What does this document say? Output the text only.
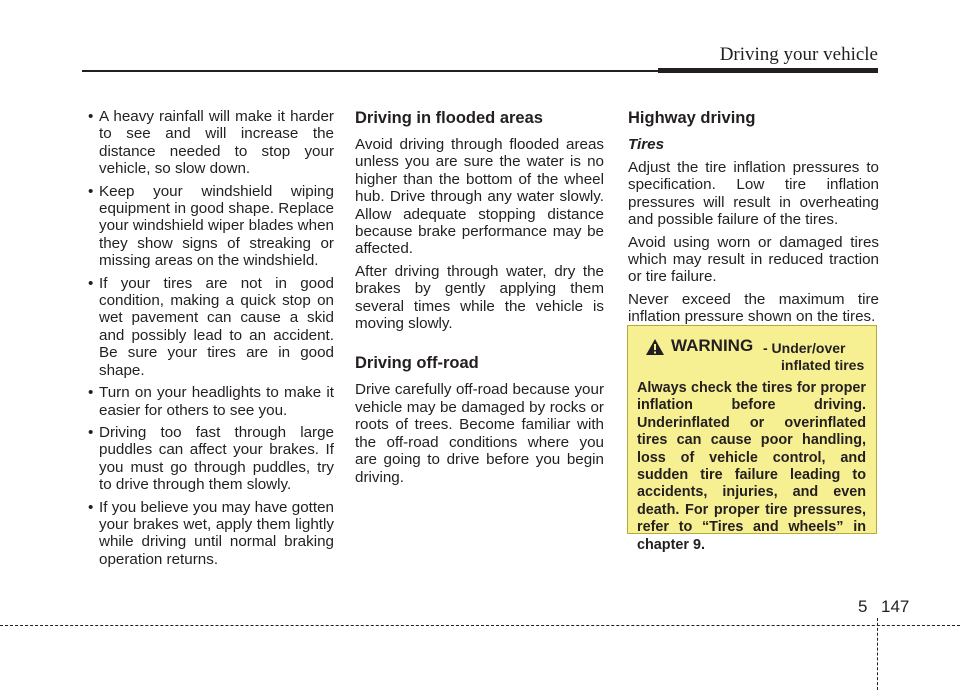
Driving your vehicle
• A heavy rainfall will make it harder to see and will increase the distance needed to stop your vehicle, so slow down.
• Keep your windshield wiping equipment in good shape. Replace your windshield wiper blades when they show signs of streaking or missing areas on the windshield.
• If your tires are not in good condition, making a quick stop on wet pavement can cause a skid and possibly lead to an accident. Be sure your tires are in good shape.
• Turn on your headlights to make it easier for others to see you.
• Driving too fast through large puddles can affect your brakes. If you must go through puddles, try to drive through them slowly.
• If you believe you may have gotten your brakes wet, apply them lightly while driving until normal braking operation returns.
Driving in flooded areas

Avoid driving through flooded areas unless you are sure the water is no higher than the bottom of the wheel hub. Drive through any water slowly. Allow adequate stopping distance because brake performance may be affected.

After driving through water, dry the brakes by gently applying them several times while the vehicle is moving slowly.

Driving off-road

Drive carefully off-road because your vehicle may be damaged by rocks or roots of trees. Become familiar with the off-road conditions where you are going to drive before you begin driving.

Highway driving
Tires

Adjust the tire inflation pressures to specification. Low tire inflation pressures will result in overheating and possible failure of the tires.

Avoid using worn or damaged tires which may result in reduced traction or tire failure.

Never exceed the maximum tire inflation pressure shown on the tires.

WARNING - Under/over
inflated tires
Always check the tires for proper inflation before driving. Underinflated or overinflated tires can cause poor handling, loss of vehicle control, and sudden tire failure leading to accidents, injuries, and even death. For proper tire pressures, refer to “Tires and wheels” in chapter 9.
5 147
